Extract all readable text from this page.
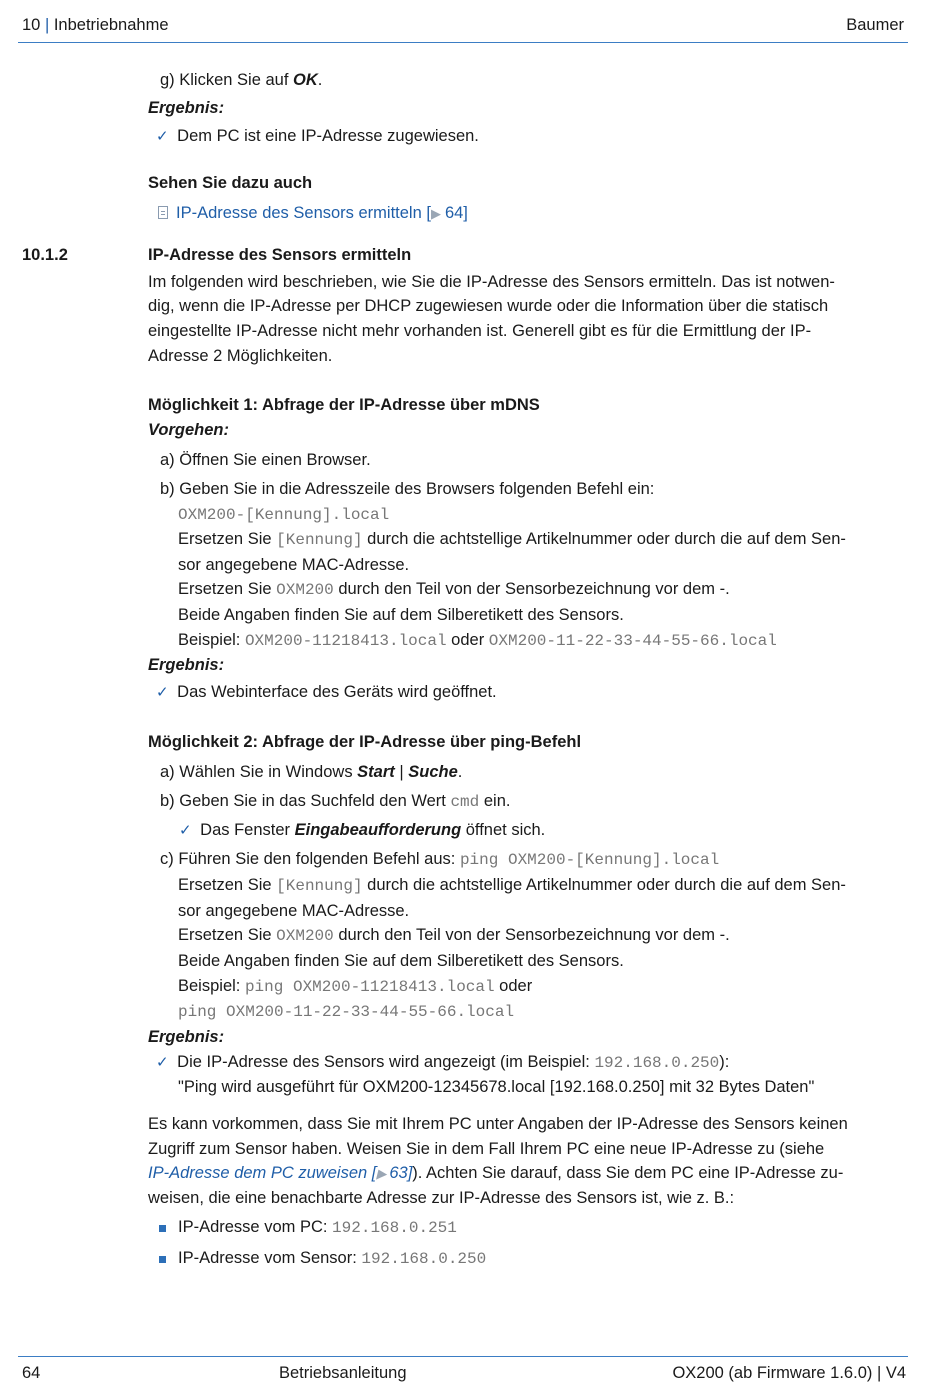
10 | Inbetriebnahme	Baumer
g) Klicken Sie auf OK.
Ergebnis:
✓ Dem PC ist eine IP-Adresse zugewiesen.
Sehen Sie dazu auch
IP-Adresse des Sensors ermitteln [▶ 64]
10.1.2	IP-Adresse des Sensors ermitteln
Im folgenden wird beschrieben, wie Sie die IP-Adresse des Sensors ermitteln. Das ist notwen-
dig, wenn die IP-Adresse per DHCP zugewiesen wurde oder die Information über die statisch
eingestellte IP-Adresse nicht mehr vorhanden ist. Generell gibt es für die Ermittlung der IP-
Adresse 2 Möglichkeiten.
Möglichkeit 1: Abfrage der IP-Adresse über mDNS
Vorgehen:
a) Öffnen Sie einen Browser.
b) Geben Sie in die Adresszeile des Browsers folgenden Befehl ein:
OXM200-[Kennung].local
Ersetzen Sie [Kennung] durch die achtstellige Artikelnummer oder durch die auf dem Sen-
sor angegebene MAC-Adresse.
Ersetzen Sie OXM200 durch den Teil von der Sensorbezeichnung vor dem -.
Beide Angaben finden Sie auf dem Silberetikett des Sensors.
Beispiel: OXM200-11218413.local oder OXM200-11-22-33-44-55-66.local
Ergebnis:
✓ Das Webinterface des Geräts wird geöffnet.
Möglichkeit 2: Abfrage der IP-Adresse über ping-Befehl
a) Wählen Sie in Windows Start | Suche.
b) Geben Sie in das Suchfeld den Wert cmd ein.
✓ Das Fenster Eingabeaufforderung öffnet sich.
c) Führen Sie den folgenden Befehl aus: ping OXM200-[Kennung].local
Ersetzen Sie [Kennung] durch die achtstellige Artikelnummer oder durch die auf dem Sen-
sor angegebene MAC-Adresse.
Ersetzen Sie OXM200 durch den Teil von der Sensorbezeichnung vor dem -.
Beide Angaben finden Sie auf dem Silberetikett des Sensors.
Beispiel: ping OXM200-11218413.local oder
ping OXM200-11-22-33-44-55-66.local
Ergebnis:
✓ Die IP-Adresse des Sensors wird angezeigt (im Beispiel: 192.168.0.250):
"Ping wird ausgeführt für OXM200-12345678.local [192.168.0.250] mit 32 Bytes Daten"
Es kann vorkommen, dass Sie mit Ihrem PC unter Angaben der IP-Adresse des Sensors keinen
Zugriff zum Sensor haben. Weisen Sie in dem Fall Ihrem PC eine neue IP-Adresse zu (siehe
IP-Adresse dem PC zuweisen [▶ 63]). Achten Sie darauf, dass Sie dem PC eine IP-Adresse zu-
weisen, die eine benachbarte Adresse zur IP-Adresse des Sensors ist, wie z. B.:
IP-Adresse vom PC: 192.168.0.251
IP-Adresse vom Sensor: 192.168.0.250
64	Betriebsanleitung	OX200 (ab Firmware 1.6.0) | V4
